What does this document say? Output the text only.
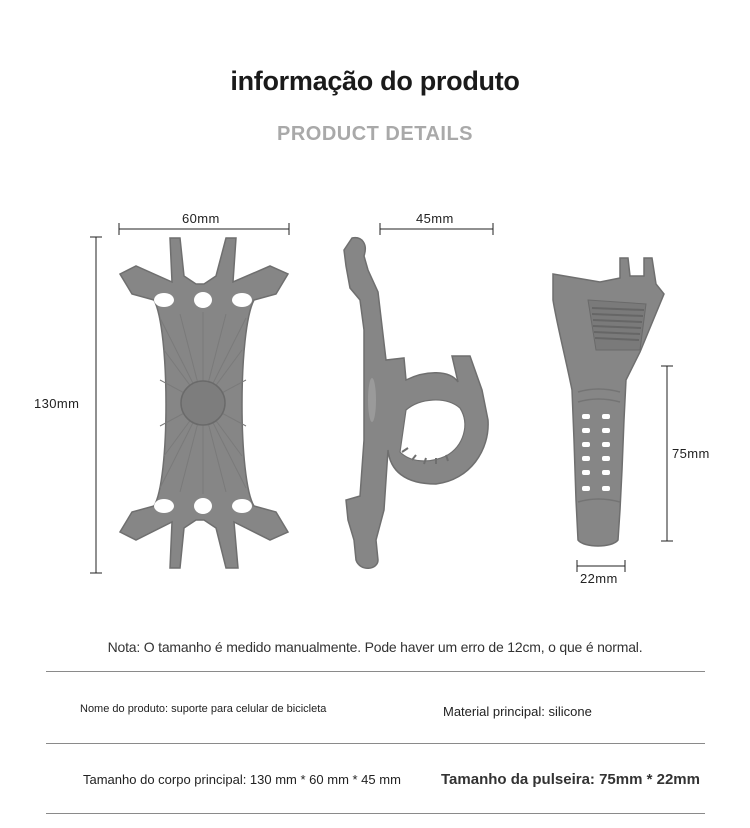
informação do produto
PRODUCT DETAILS
60mm
130mm
45mm
75mm
22mm
Nota: O tamanho é medido manualmente. Pode haver um erro de 12cm, o que é normal.
Nome do produto: suporte para celular de bicicleta	Material principal: silicone
Tamanho do corpo principal: 130 mm * 60 mm * 45 mm	Tamanho da pulseira: 75mm * 22mm
